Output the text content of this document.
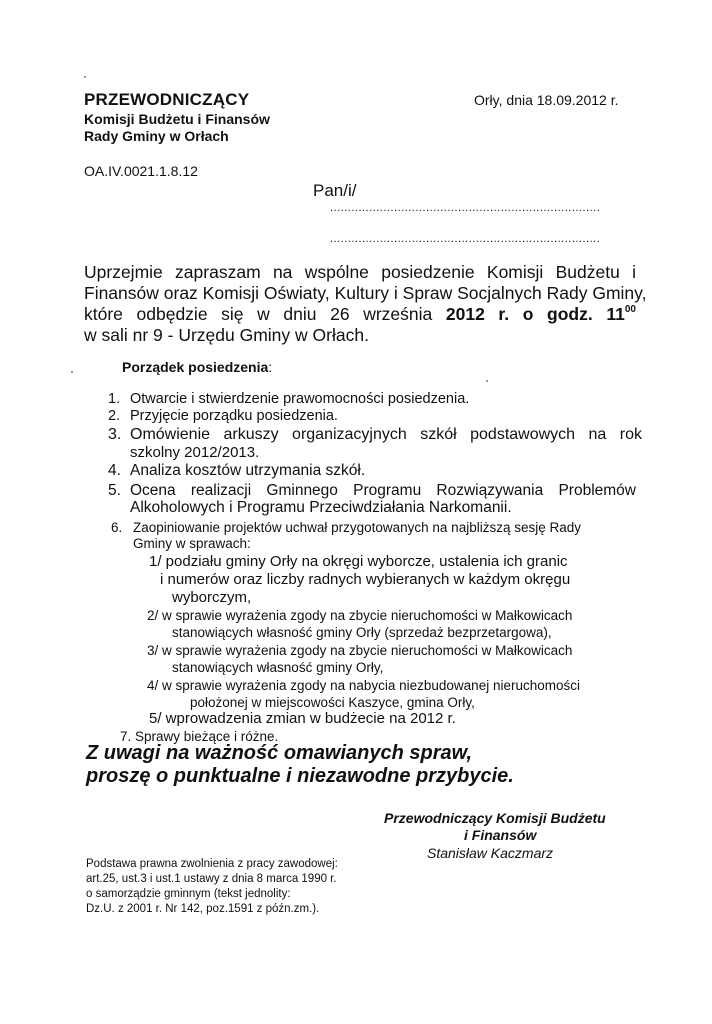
PRZEWODNICZĄCY
Komisji Budżetu i Finansów
Rady Gminy w Orłach
Orły, dnia 18.09.2012 r.
OA.IV.0021.1.8.12
Pan/i/
............................................................................
............................................................................
Uprzejmie zapraszam na wspólne posiedzenie Komisji Budżetu i
Finansów oraz Komisji Oświaty, Kultury i Spraw Socjalnych Rady Gminy,
które odbędzie się w dniu 26 września 2012 r. o godz. $11^{00}$
w sali nr 9 - Urzędu Gminy w Orłach.
Porządek posiedzenia:
1. Otwarcie i stwierdzenie prawomocności posiedzenia.
2. Przyjęcie porządku posiedzenia.
3. Omówienie arkuszy organizacyjnych szkół podstawowych na rok
szkolny 2012/2013.
4. Analiza kosztów utrzymania szkół.
5. Ocena realizacji Gminnego Programu Rozwiązywania Problemów
Alkoholowych i Programu Przeciwdziałania Narkomanii.
6. Zaopiniowanie projektów uchwał przygotowanych na najbliższą sesję Rady
Gminy w sprawach:
1/ podziału gminy Orły na okręgi wyborcze, ustalenia ich granic
i numerów oraz liczby radnych wybieranych w każdym okręgu
wyborczym,
2/ w sprawie wyrażenia zgody na zbycie nieruchomości w Małkowicach
stanowiących własność gminy Orły (sprzedaż bezprzetargowa),
3/ w sprawie wyrażenia zgody na zbycie nieruchomości w Małkowicach
stanowiących własność gminy Orły,
4/ w sprawie wyrażenia zgody na nabycia niezbudowanej nieruchomości
położonej w miejscowości Kaszyce, gmina Orły,
5/ wprowadzenia zmian w budżecie na 2012 r.
7. Sprawy bieżące i różne.
Z uwagi na ważność omawianych spraw,
proszę o punktualne i niezawodne przybycie.
Przewodniczący Komisji Budżetu
i Finansów
Stanisław Kaczmarz
Podstawa prawna zwolnienia z pracy zawodowej:
art.25, ust.3 i ust.1 ustawy z dnia 8 marca 1990 r.
o samorządzie gminnym (tekst jednolity:
Dz.U. z 2001 r. Nr 142, poz.1591 z późn.zm.).
